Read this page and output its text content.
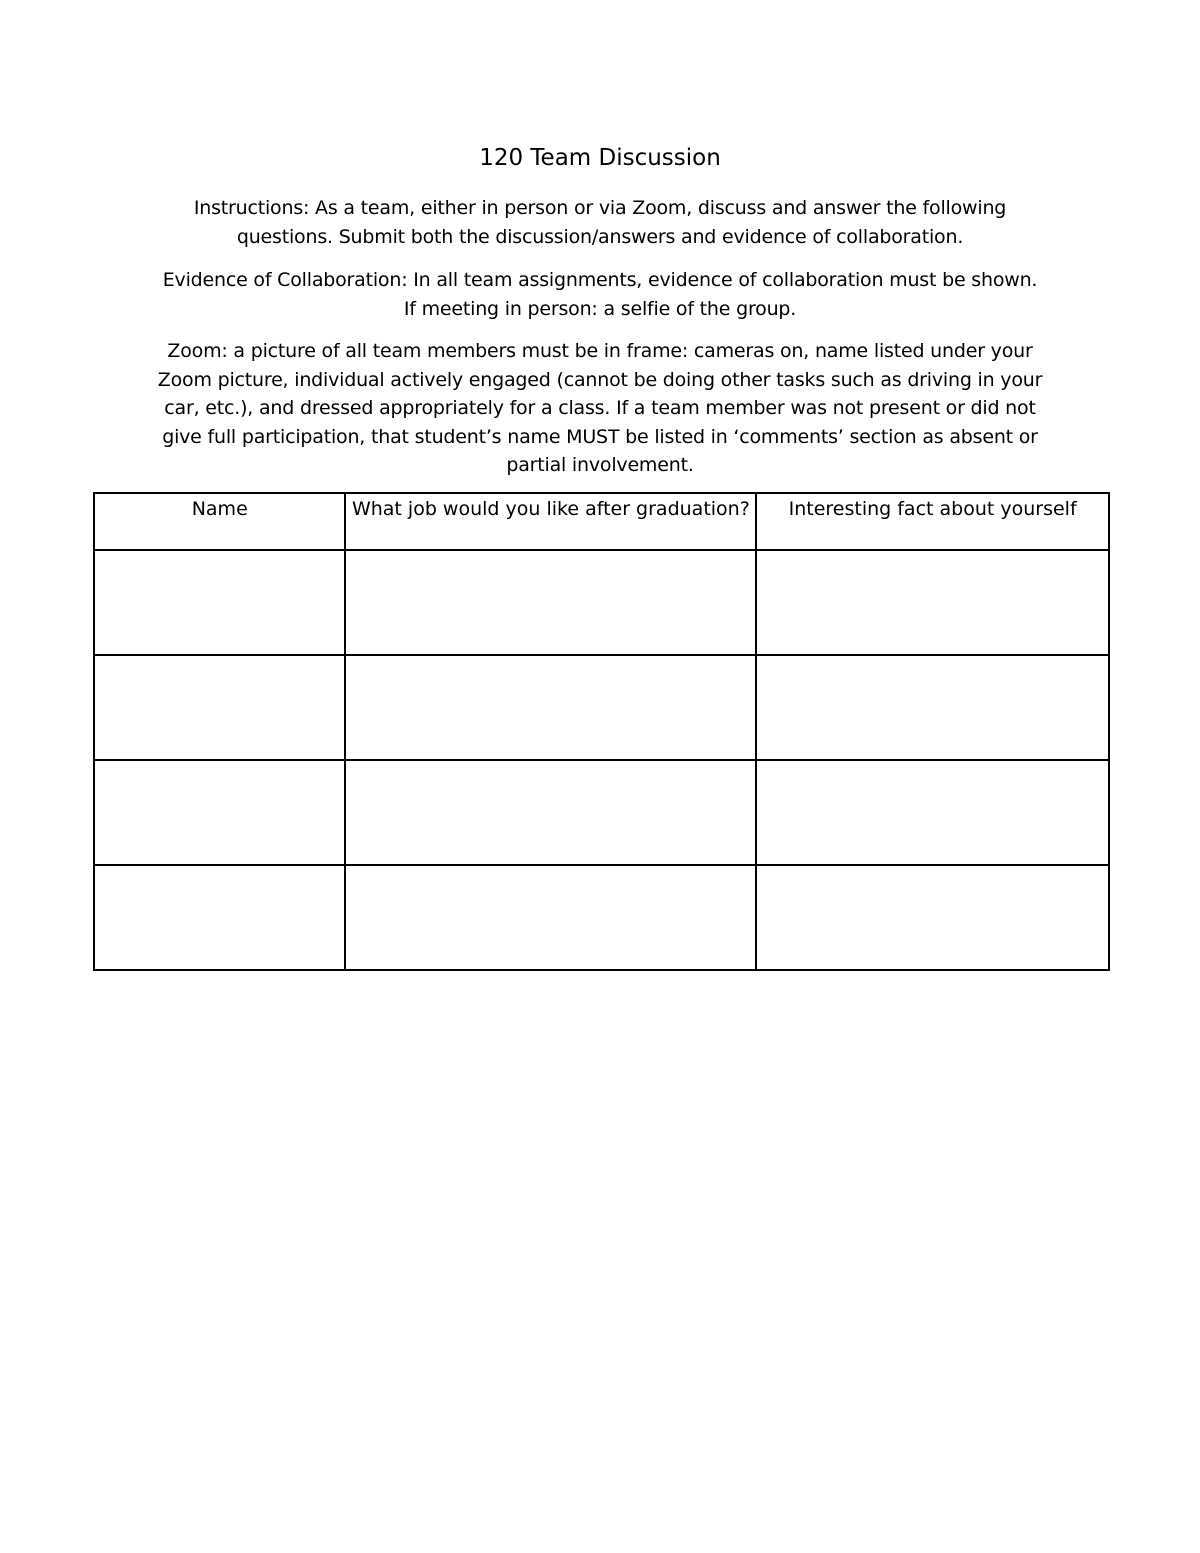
120 Team Discussion

Instructions: As a team, either in person or via Zoom, discuss and answer the following
questions. Submit both the discussion/answers and evidence of collaboration.

Evidence of Collaboration: In all team assignments, evidence of collaboration must be shown.
If meeting in person: a selfie of the group.

Zoom: a picture of all team members must be in frame: cameras on, name listed under your
Zoom picture, individual actively engaged (cannot be doing other tasks such as driving in your
car, etc.), and dressed appropriately for a class. If a team member was not present or did not
give full participation, that student’s name MUST be listed in ‘comments’ section as absent or
partial involvement.

Name	What job would you like after graduation?	Interesting fact about yourself
